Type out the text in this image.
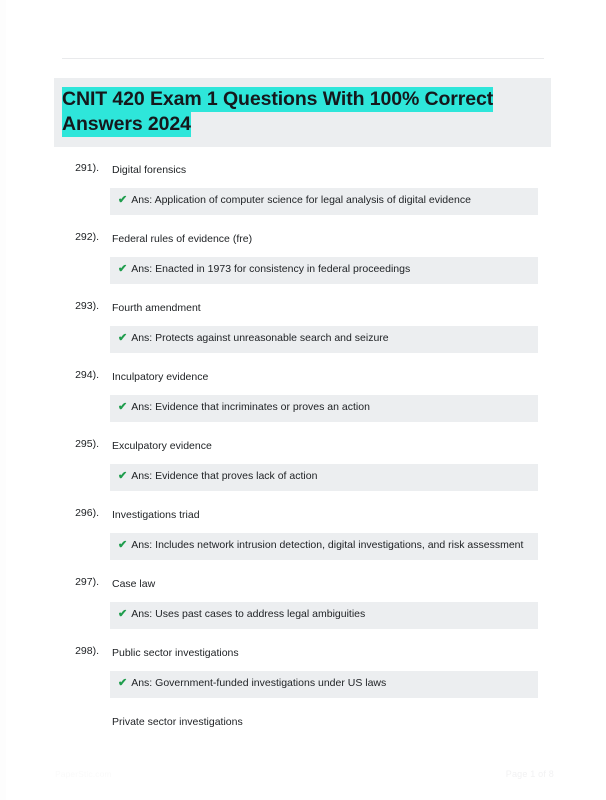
CNIT 420 Exam 1 Questions With 100% Correct
Answers 2024
291). Digital forensics

✔ Ans: Application of computer science for legal analysis of digital evidence

292). Federal rules of evidence (fre)

✔ Ans: Enacted in 1973 for consistency in federal proceedings

293). Fourth amendment

✔ Ans: Protects against unreasonable search and seizure

294). Inculpatory evidence

✔ Ans: Evidence that incriminates or proves an action

295). Exculpatory evidence

✔ Ans: Evidence that proves lack of action

296). Investigations triad

✔ Ans: Includes network intrusion detection, digital investigations, and risk assessment

297). Case law

✔ Ans: Uses past cases to address legal ambiguities

298). Public sector investigations

✔ Ans: Government-funded investigations under US laws

Private sector investigations
PaperStic.com	Page 1 of 8
